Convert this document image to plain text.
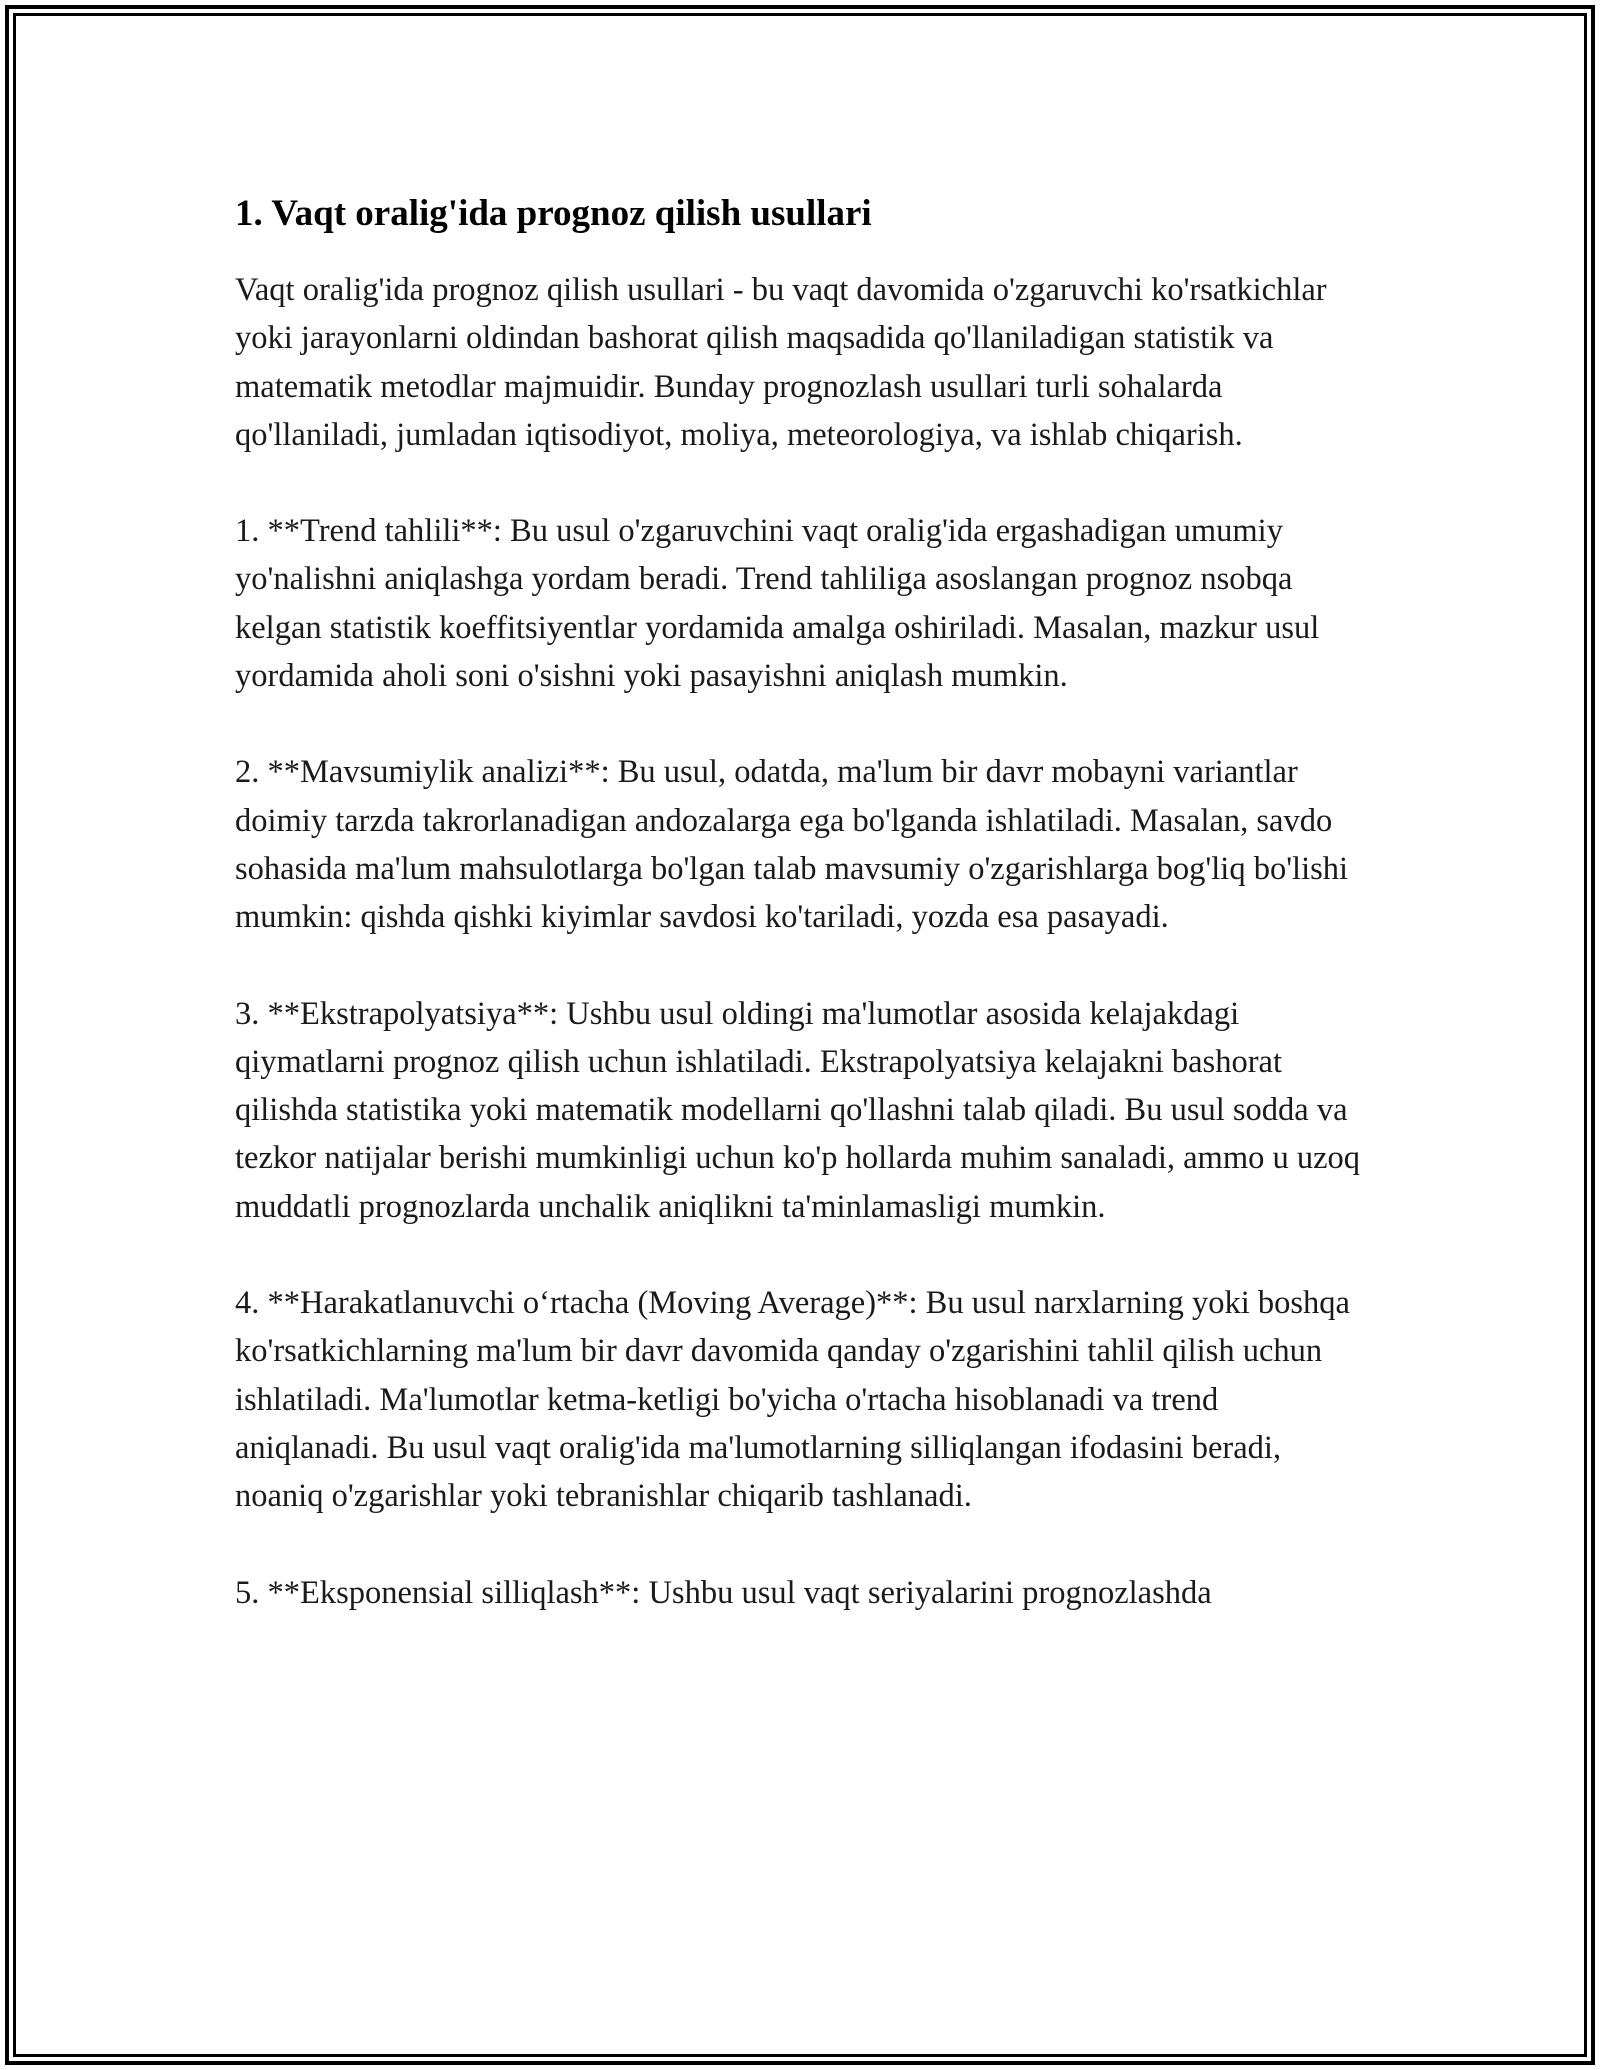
1. Vaqt oralig'ida prognoz qilish usullari

Vaqt oralig'ida prognoz qilish usullari - bu vaqt davomida o'zgaruvchi ko'rsatkichlar yoki jarayonlarni oldindan bashorat qilish maqsadida qo'llaniladigan statistik va matematik metodlar majmuidir. Bunday prognozlash usullari turli sohalarda qo'llaniladi, jumladan iqtisodiyot, moliya, meteorologiya, va ishlab chiqarish.

1. **Trend tahlili**: Bu usul o'zgaruvchini vaqt oralig'ida ergashadigan umumiy yo'nalishni aniqlashga yordam beradi. Trend tahliliga asoslangan prognoz nsobqa kelgan statistik koeffitsiyentlar yordamida amalga oshiriladi. Masalan, mazkur usul yordamida aholi soni o'sishni yoki pasayishni aniqlash mumkin.

2. **Mavsumiylik analizi**: Bu usul, odatda, ma'lum bir davr mobayni variantlar doimiy tarzda takrorlanadigan andozalarga ega bo'lganda ishlatiladi. Masalan, savdo sohasida ma'lum mahsulotlarga bo'lgan talab mavsumiy o'zgarishlarga bog'liq bo'lishi mumkin: qishda qishki kiyimlar savdosi ko'tariladi, yozda esa pasayadi.

3. **Ekstrapolyatsiya**: Ushbu usul oldingi ma'lumotlar asosida kelajakdagi qiymatlarni prognoz qilish uchun ishlatiladi. Ekstrapolyatsiya kelajakni bashorat qilishda statistika yoki matematik modellarni qo'llashni talab qiladi. Bu usul sodda va tezkor natijalar berishi mumkinligi uchun ko'p hollarda muhim sanaladi, ammo u uzoq muddatli prognozlarda unchalik aniqlikni ta'minlamasligi mumkin.

4. **Harakatlanuvchi o‘rtacha (Moving Average)**: Bu usul narxlarning yoki boshqa ko'rsatkichlarning ma'lum bir davr davomida qanday o'zgarishini tahlil qilish uchun ishlatiladi. Ma'lumotlar ketma-ketligi bo'yicha o'rtacha hisoblanadi va trend aniqlanadi. Bu usul vaqt oralig'ida ma'lumotlarning silliqlangan ifodasini beradi, noaniq o'zgarishlar yoki tebranishlar chiqarib tashlanadi.

5. **Eksponensial silliqlash**: Ushbu usul vaqt seriyalarini prognozlashda
